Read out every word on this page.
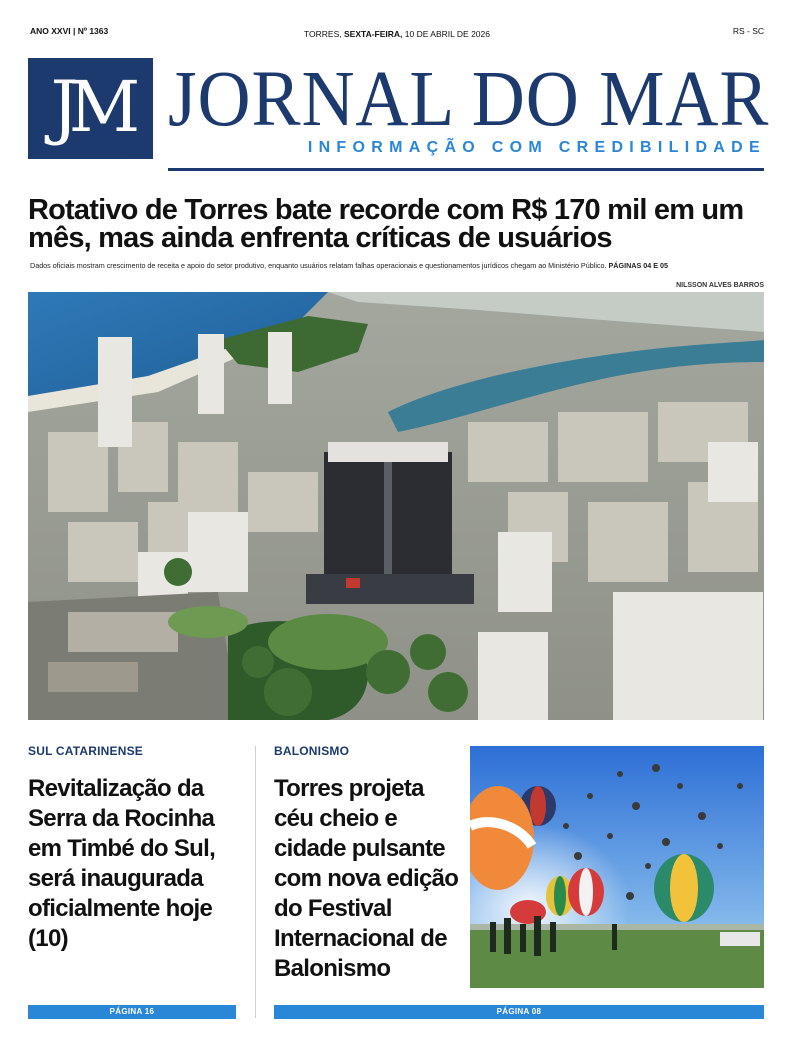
ANO XXVI | Nº 1363	TORRES, SEXTA-FEIRA, 10 DE ABRIL DE 2026	RS - SC
JM JORNAL DO MAR
INFORMAÇÃO COM CREDIBILIDADE
Rotativo de Torres bate recorde com R$ 170 mil em um mês, mas ainda enfrenta críticas de usuários
Dados oficiais mostram crescimento de receita e apoio do setor produtivo, enquanto usuários relatam falhas operacionais e questionamentos jurídicos chegam ao Ministério Público. PÁGINAS 04 E 05
NILSSON ALVES BARROS
SUL CATARINENSE
Revitalização da Serra da Rocinha em Timbé do Sul, será inaugurada oficialmente hoje (10)
BALONISMO
Torres projeta céu cheio e cidade pulsante com nova edição do Festival Internacional de Balonismo
PÁGINA 16	PÁGINA 08
